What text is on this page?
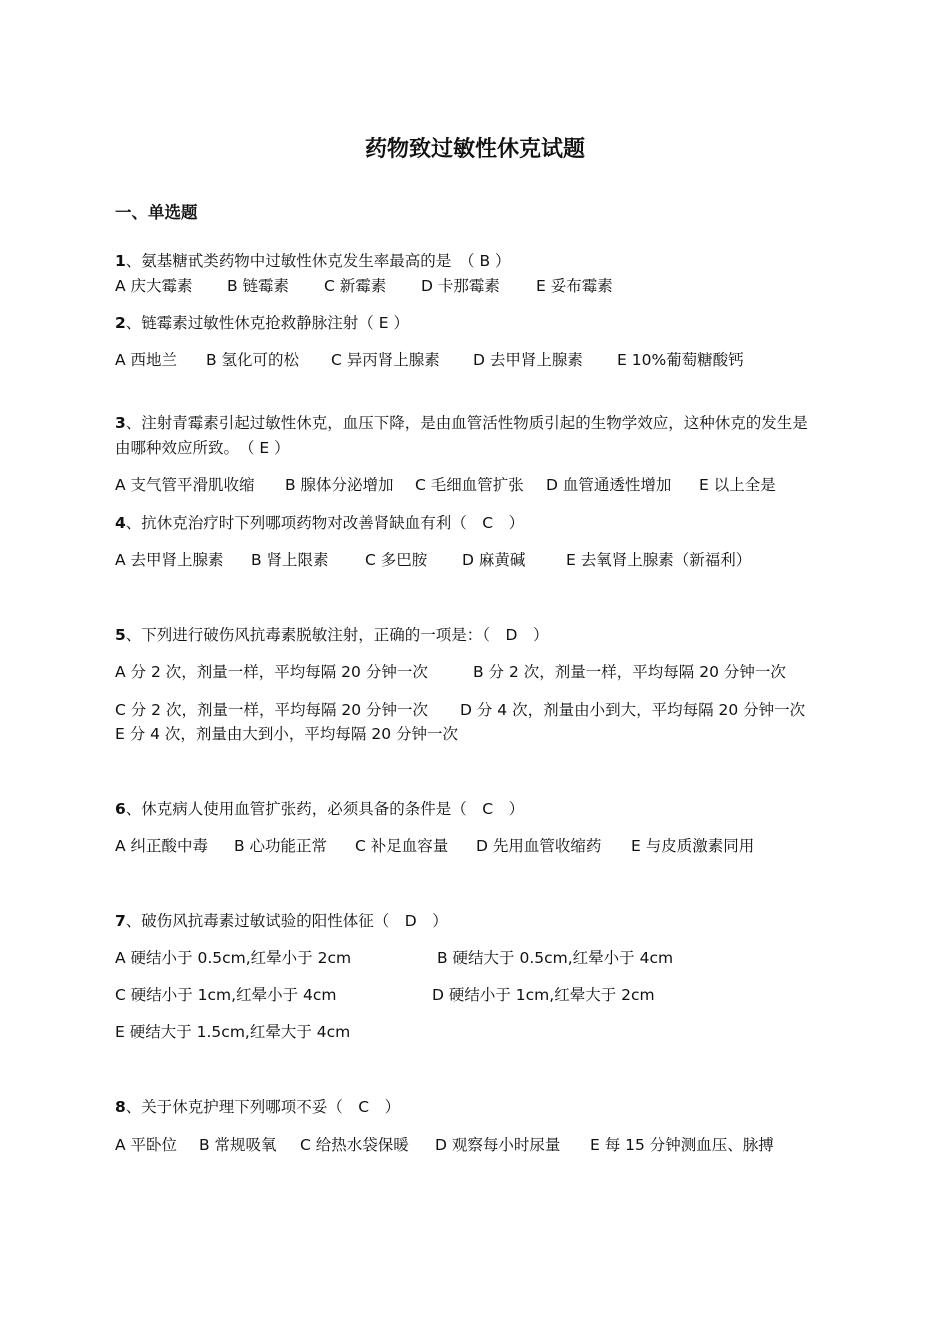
药物致过敏性休克试题
一、单选题
1、氨基糖甙类药物中过敏性休克发生率最高的是　（ B ）
A 庆大霉素	B 链霉素	C 新霉素	D 卡那霉素	E 妥布霉素
2、链霉素过敏性休克抢救静脉注射（ E ）
A 西地兰	B 氢化可的松	C 异丙肾上腺素	D 去甲肾上腺素	E 10%葡萄糖酸钙
3、注射青霉素引起过敏性休克，血压下降，是由血管活性物质引起的生物学效应，这种休克的发生是
由哪种效应所致。　（ E ）
A 支气管平滑肌收缩	B 腺体分泌增加	C 毛细血管扩张	D 血管通透性增加	E 以上全是
4、抗休克治疗时下列哪项药物对改善肾缺血有利（　C　）
A 去甲肾上腺素	B 肾上限素	C 多巴胺	D 麻黄碱	E 去氧肾上腺素（新福利）
5、下列进行破伤风抗毒素脱敏注射，正确的一项是：（　D　）
A 分 2 次，剂量一样，平均每隔 20 分钟一次	B 分 2 次，剂量一样，平均每隔 20 分钟一次
C 分 2 次，剂量一样，平均每隔 20 分钟一次	D 分 4 次，剂量由小到大，平均每隔 20 分钟一次
E 分 4 次，剂量由大到小，平均每隔 20 分钟一次
6、休克病人使用血管扩张药，必须具备的条件是（　C　）
A 纠正酸中毒	B 心功能正常	C 补足血容量	D 先用血管收缩药	E 与皮质激素同用
7、破伤风抗毒素过敏试验的阳性体征（　D　）
A 硬结小于 0.5cm,红晕小于 2cm	B 硬结大于 0.5cm,红晕小于 4cm
C 硬结小于 1cm,红晕小于 4cm	D 硬结小于 1cm,红晕大于 2cm
E 硬结大于 1.5cm,红晕大于 4cm
8、关于休克护理下列哪项不妥（　C　）
A 平卧位	B 常规吸氧	C 给热水袋保暖	D 观察每小时尿量	E 每 15 分钟测血压、脉搏
